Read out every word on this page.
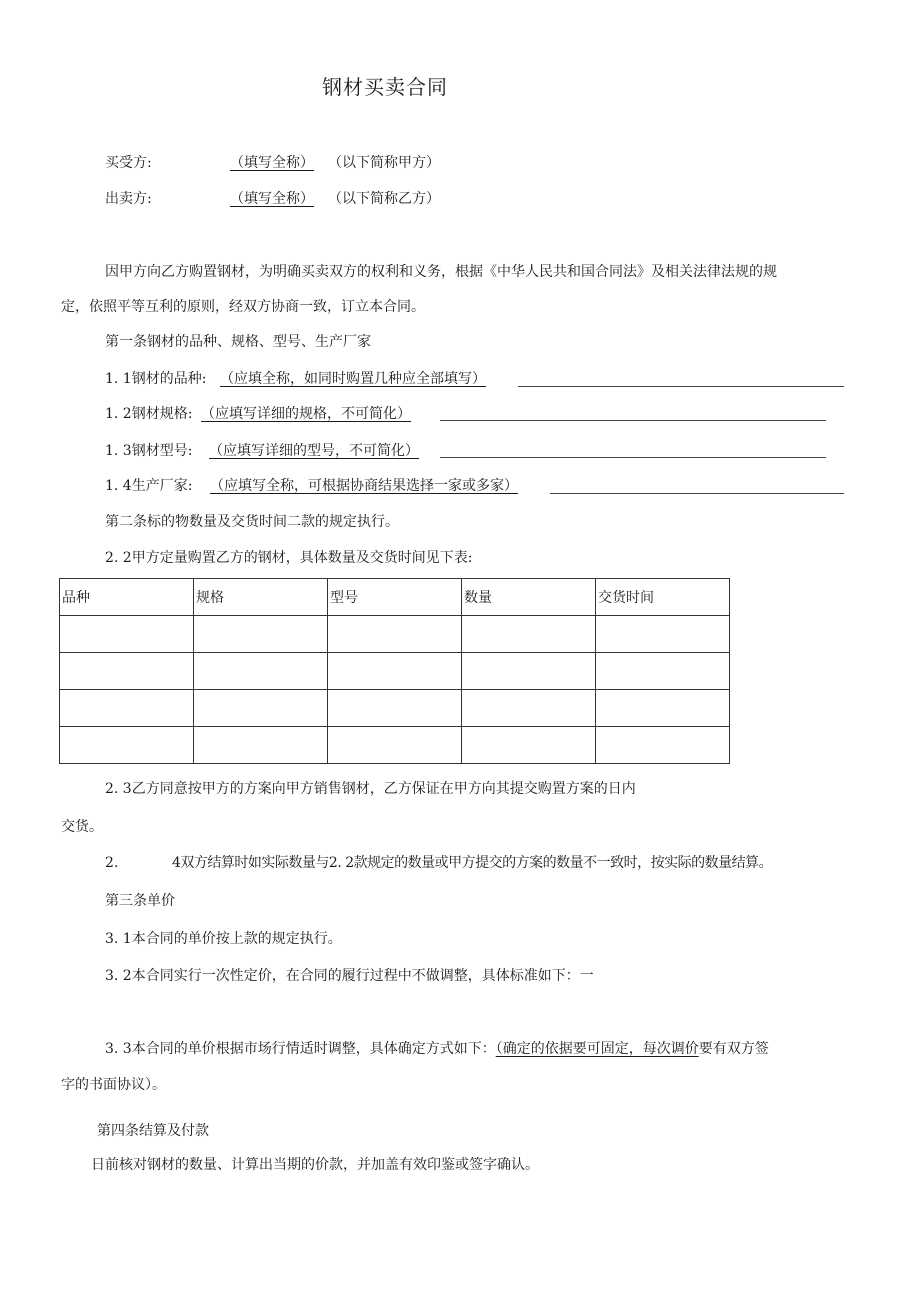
钢材买卖合同
买受方:	（填写全称） （以下简称甲方）
出卖方:	（填写全称） （以下简称乙方）
因甲方向乙方购置钢材，为明确买卖双方的权利和义务，根据《中华人民共和国合同法》及相关法律法规的规
定，依照平等互利的原则，经双方协商一致，订立本合同。
第一条钢材的品种、规格、型号、生产厂家
1. 1钢材的品种: （应填全称，如同时购置几种应全部填写）
1. 2钢材规格: （应填写详细的规格，不可简化）
1. 3钢材型号: （应填写详细的型号，不可简化）
1. 4生产厂家: （应填写全称，可根据协商结果选择一家或多家）
第二条标的物数量及交货时间二款的规定执行。
2. 2甲方定量购置乙方的钢材，具体数量及交货时间见下表:
品种	规格	型号	数量	交货时间

2. 3乙方同意按甲方的方案向甲方销售钢材，乙方保证在甲方向其提交购置方案的日内
交货。
2.	4双方结算时如实际数量与2. 2款规定的数量或甲方提交的方案的数量不一致时，按实际的数量结算。
第三条单价
3. 1本合同的单价按上款的规定执行。
3. 2本合同实行一次性定价，在合同的履行过程中不做调整，具体标准如下：一
3. 3本合同的单价根据市场行情适时调整，具体确定方式如下：（确定的依据要可固定，每次调价要有双方签
字的书面协议）。
第四条结算及付款
日前核对钢材的数量、计算出当期的价款，并加盖有效印鉴或签字确认。
